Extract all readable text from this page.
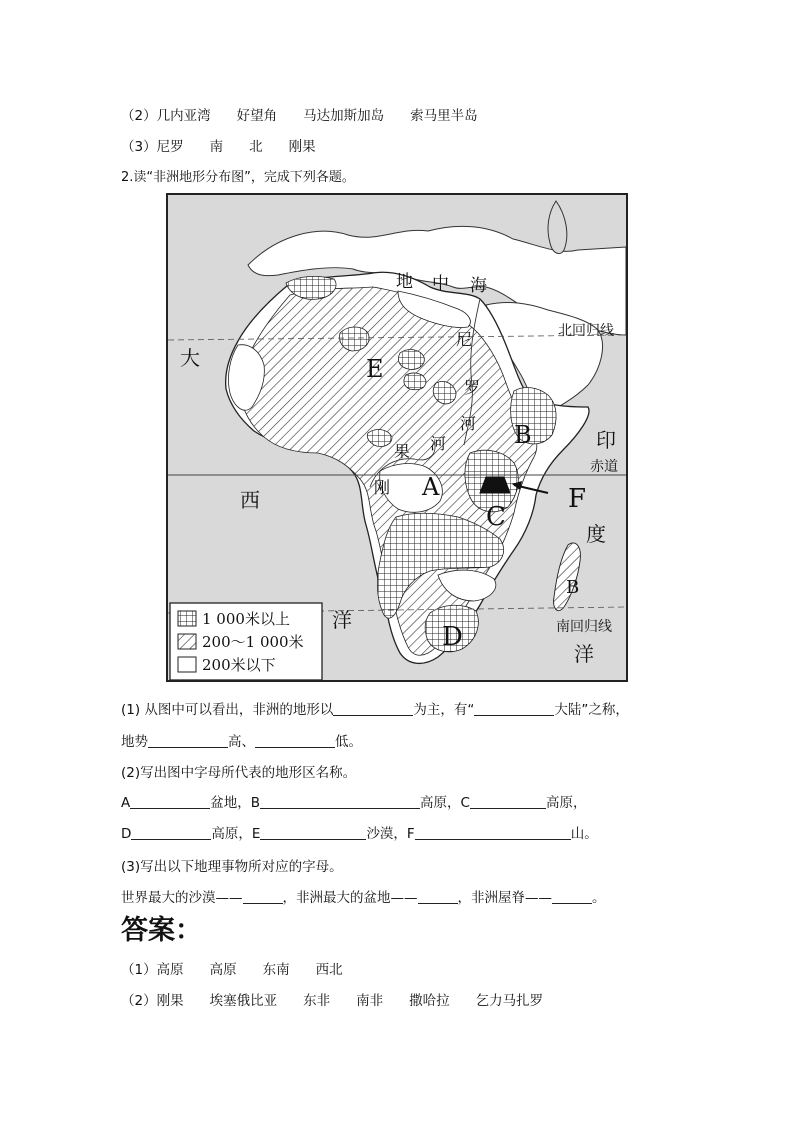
（2）几内亚湾 好望角 马达加斯加岛 索马里半岛
（3）尼罗 南 北 刚果
2.读“非洲地形分布图”，完成下列各题。
地 中 海
尼
罗
河
果 河
刚
北回归线
赤道
南回归线
大
西
洋
印
度
洋
E
B
A
C
F
B
D
1 000米以上
200～1 000米
200米以下
(1) 从图中可以看出，非洲的地形以	为主，有“	大陆”之称，
地势	高、	低。
(2)写出图中字母所代表的地形区名称。
A	盆地，B	高原，C	高原，
D	高原，E	沙漠，F	山。
(3)写出以下地理事物所对应的字母。
世界最大的沙漠——	，非洲最大的盆地——	，非洲屋脊——	。
答案：
（1）高原 高原 东南 西北
（2）刚果 埃塞俄比亚 东非 南非 撒哈拉 乞力马扎罗
